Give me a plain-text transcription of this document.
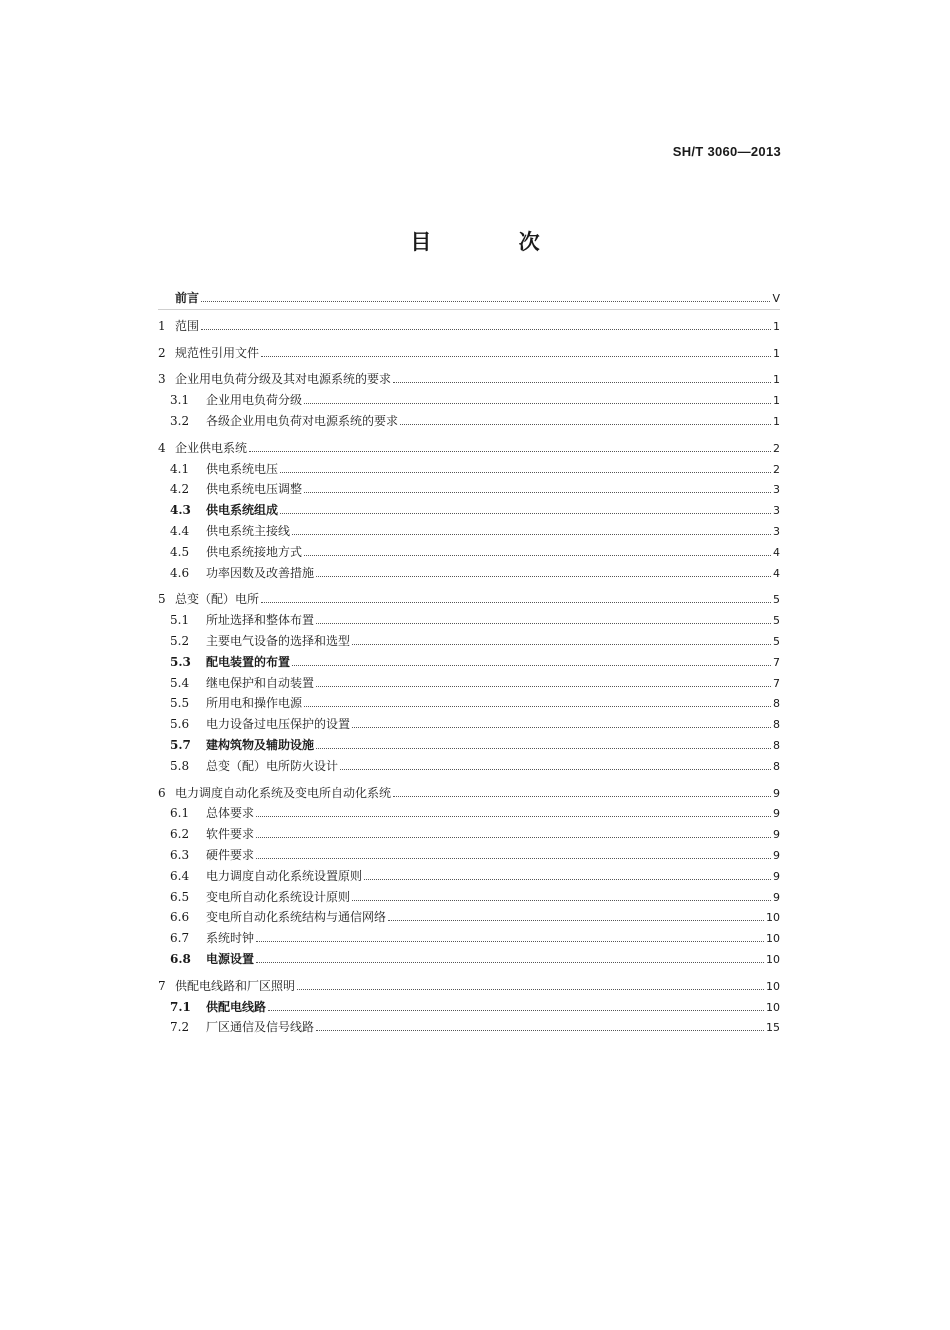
SH/T 3060—2013
目 次
前言	V
1 范围	1
2 规范性引用文件	1
3 企业用电负荷分级及其对电源系统的要求	1
3.1	企业用电负荷分级	1
3.2	各级企业用电负荷对电源系统的要求	1
4 企业供电系统	2
4.1	供电系统电压	2
4.2	供电系统电压调整	3
4.3	供电系统组成	3
4.4	供电系统主接线	3
4.5	供电系统接地方式	4
4.6	功率因数及改善措施	4
5 总变（配）电所	5
5.1	所址选择和整体布置	5
5.2	主要电气设备的选择和选型	5
5.3	配电装置的布置	7
5.4	继电保护和自动装置	7
5.5	所用电和操作电源	8
5.6	电力设备过电压保护的设置	8
5.7	建构筑物及辅助设施	8
5.8	总变（配）电所防火设计	8
6 电力调度自动化系统及变电所自动化系统	9
6.1	总体要求	9
6.2	软件要求	9
6.3	硬件要求	9
6.4	电力调度自动化系统设置原则	9
6.5	变电所自动化系统设计原则	9
6.6	变电所自动化系统结构与通信网络	10
6.7	系统时钟	10
6.8	电源设置	10
7 供配电线路和厂区照明	10
7.1	供配电线路	10
7.2	厂区通信及信号线路	15
